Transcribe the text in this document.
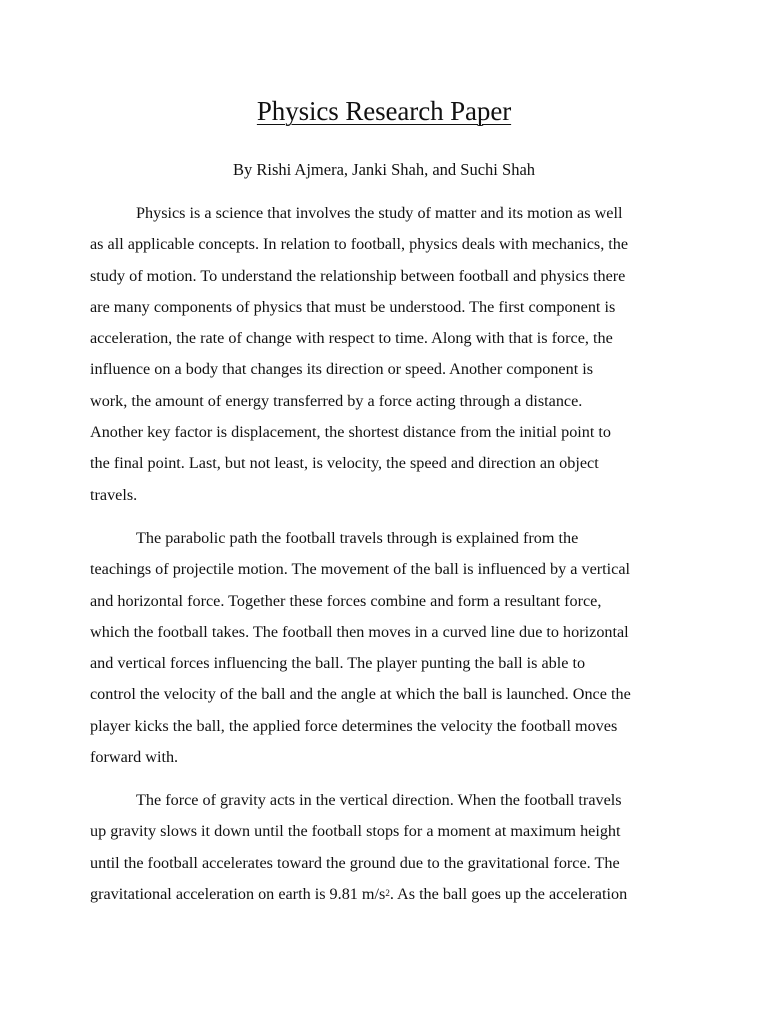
Physics Research Paper
By Rishi Ajmera, Janki Shah, and Suchi Shah

Physics is a science that involves the study of matter and its motion as well
as all applicable concepts. In relation to football, physics deals with mechanics, the
study of motion. To understand the relationship between football and physics there
are many components of physics that must be understood. The first component is
acceleration, the rate of change with respect to time. Along with that is force, the
influence on a body that changes its direction or speed. Another component is
work, the amount of energy transferred by a force acting through a distance.
Another key factor is displacement, the shortest distance from the initial point to
the final point. Last, but not least, is velocity, the speed and direction an object
travels.

The parabolic path the football travels through is explained from the
teachings of projectile motion. The movement of the ball is influenced by a vertical
and horizontal force. Together these forces combine and form a resultant force,
which the football takes. The football then moves in a curved line due to horizontal
and vertical forces influencing the ball. The player punting the ball is able to
control the velocity of the ball and the angle at which the ball is launched. Once the
player kicks the ball, the applied force determines the velocity the football moves
forward with.

The force of gravity acts in the vertical direction. When the football travels
up gravity slows it down until the football stops for a moment at maximum height
until the football accelerates toward the ground due to the gravitational force. The
gravitational acceleration on earth is 9.81 $m/s^2$. As the ball goes up the acceleration
